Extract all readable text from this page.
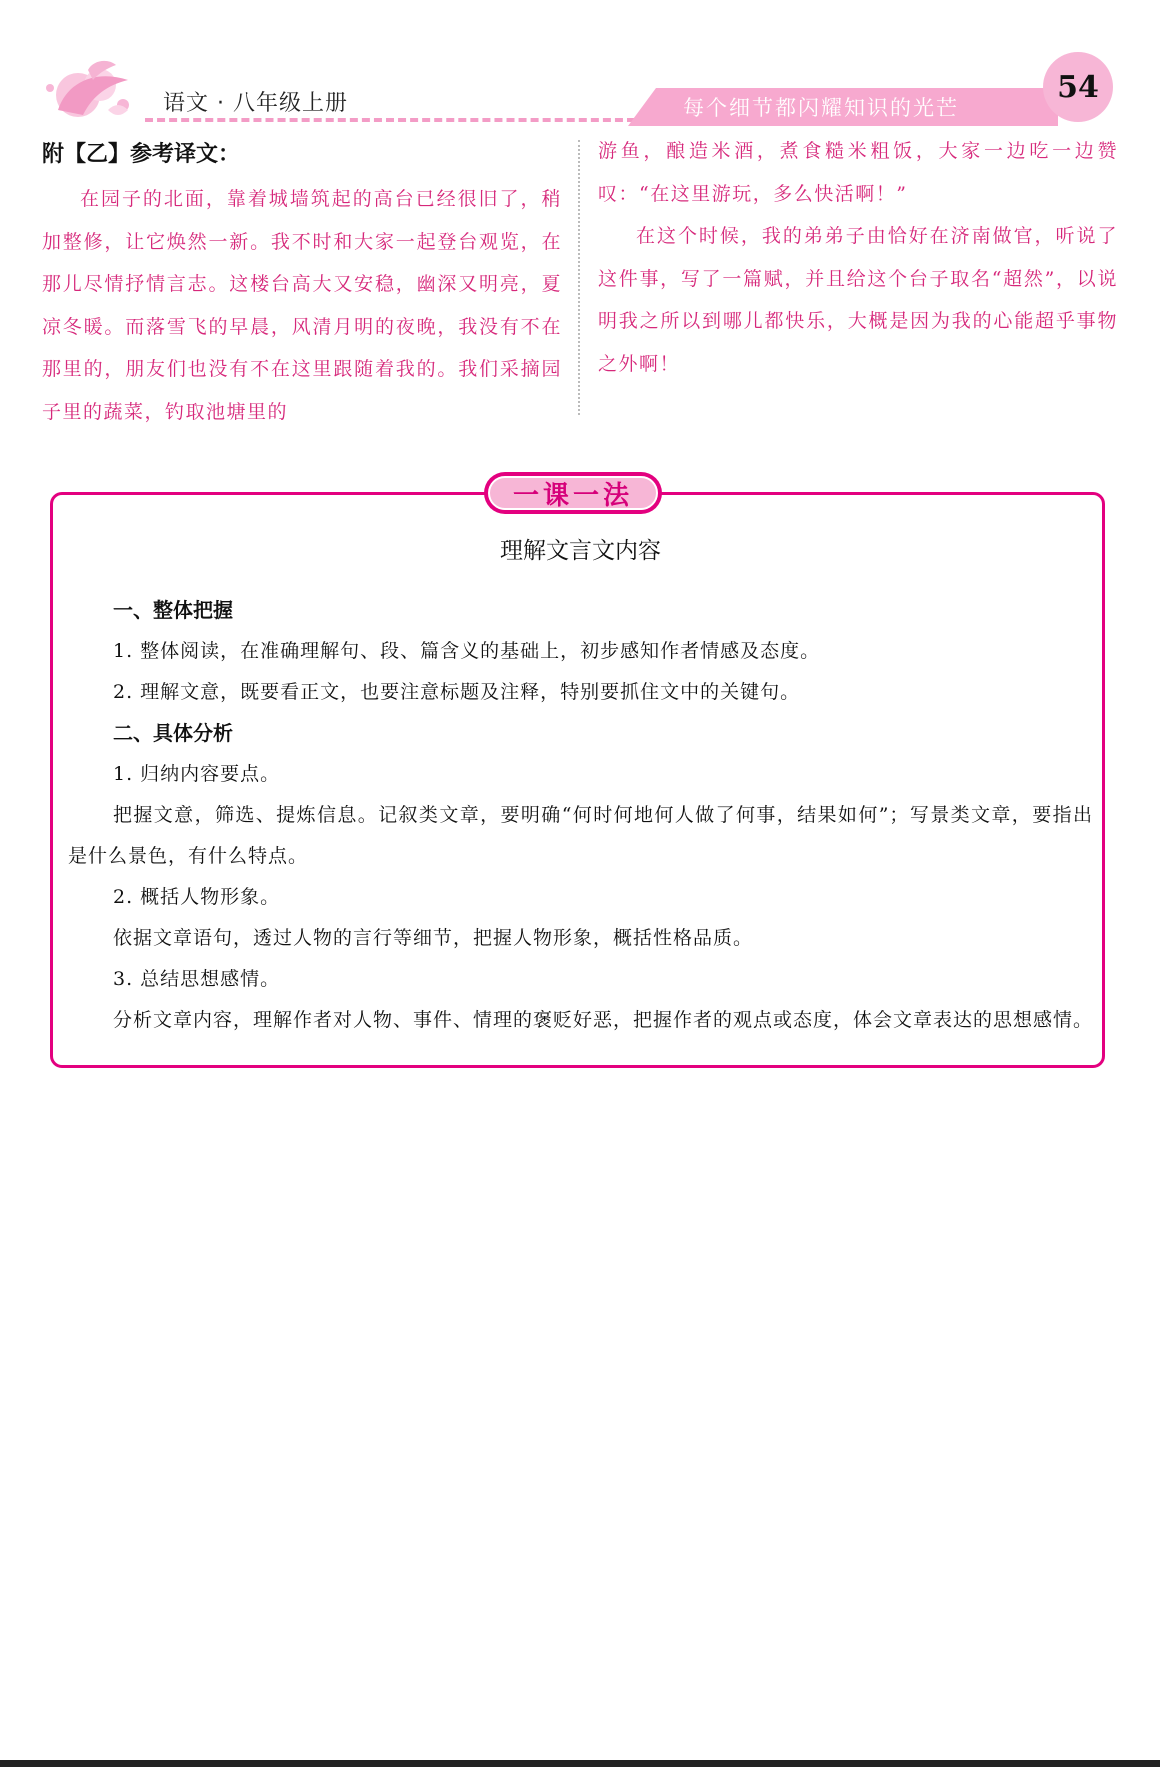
语文 · 八年级上册	每个细节都闪耀知识的光芒
54
附【乙】参考译文：

在园子的北面，靠着城墙筑起的高台已经很旧了，稍加整修，让它焕然一新。我不时和大家一起登台观览，在那儿尽情抒情言志。这楼台高大又安稳，幽深又明亮，夏凉冬暖。而落雪飞的早晨，风清月明的夜晚，我没有不在那里的，朋友们也没有不在这里跟随着我的。我们采摘园子里的蔬菜，钓取池塘里的

游鱼，酿造米酒，煮食糙米粗饭，大家一边吃一边赞叹：“在这里游玩，多么快活啊！”

在这个时候，我的弟弟子由恰好在济南做官，听说了这件事，写了一篇赋，并且给这个台子取名“超然”，以说明我之所以到哪儿都快乐，大概是因为我的心能超乎事物之外啊！

一课一法
理解文言文内容
一、整体把握

1. 整体阅读，在准确理解句、段、篇含义的基础上，初步感知作者情感及态度。

2. 理解文意，既要看正文，也要注意标题及注释，特别要抓住文中的关键句。

二、具体分析

1. 归纳内容要点。

把握文意，筛选、提炼信息。记叙类文章，要明确“何时何地何人做了何事，结果如何”；写景类文章，要指出是什么景色，有什么特点。

2. 概括人物形象。

依据文章语句，透过人物的言行等细节，把握人物形象，概括性格品质。

3. 总结思想感情。

分析文章内容，理解作者对人物、事件、情理的褒贬好恶，把握作者的观点或态度，体会文章表达的思想感情。
